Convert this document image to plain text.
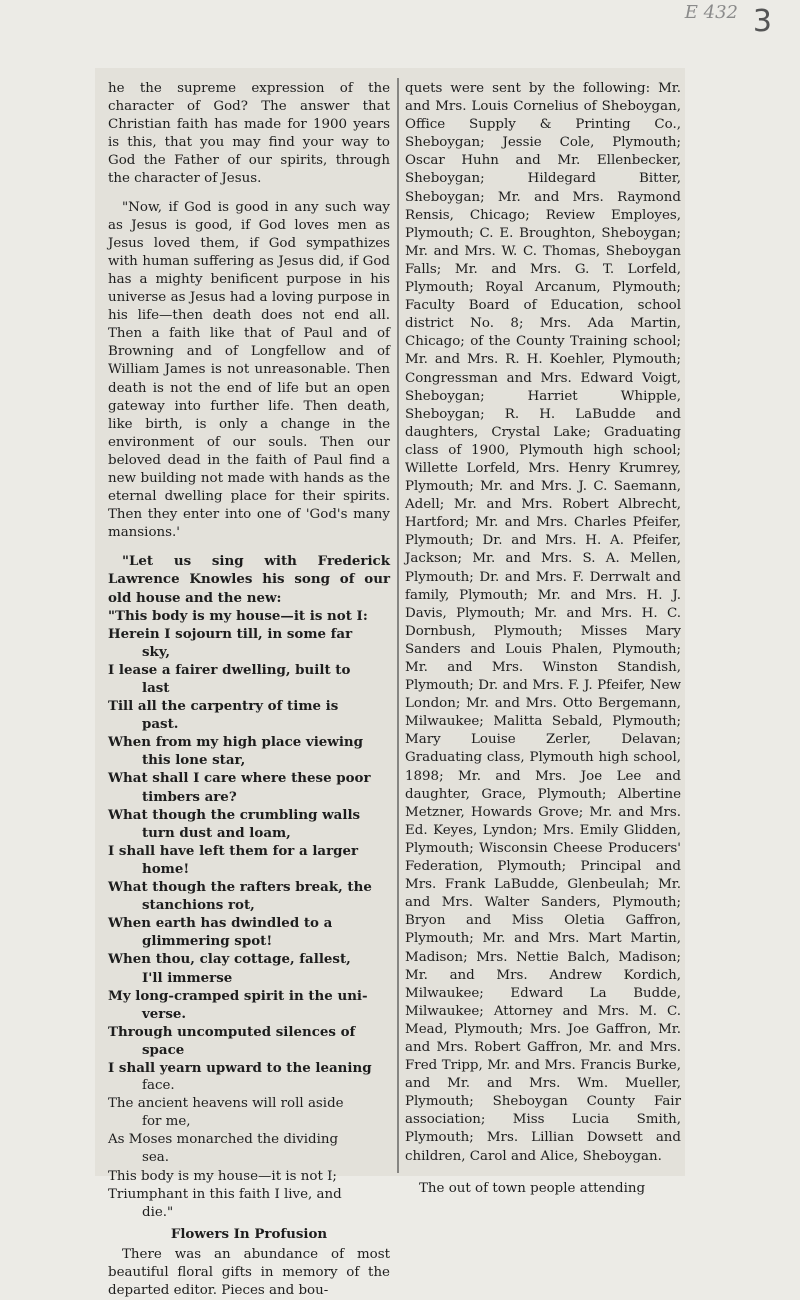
E 432 3

he the supreme expression of the character of God? The answer that Christian faith has made for 1900 years is this, that you may find your way to God the Father of our spirits, through the character of Jesus.

"Now, if God is good in any such way as Jesus is good, if God loves men as Jesus loved them, if God sympathizes with human suffering as Jesus did, if God has a mighty benificent purpose in his universe as Jesus had a loving purpose in his life—then death does not end all. Then a faith like that of Paul and of Browning and of Longfellow and of William James is not unreasonable. Then death is not the end of life but an open gateway into further life. Then death, like birth, is only a change in the environment of our souls. Then our beloved dead in the faith of Paul find a new building not made with hands as the eternal dwelling place for their spirits. Then they enter into one of 'God's many mansions.'

"Let us sing with Frederick Lawrence Knowles his song of our old house and the new:

"This body is my house—it is not I:
Herein I sojourn till, in some far
sky,
I lease a fairer dwelling, built to
last
Till all the carpentry of time is
past.
When from my high place viewing
this lone star,
What shall I care where these poor
timbers are?
What though the crumbling walls
turn dust and loam,
I shall have left them for a larger
home!
What though the rafters break, the
stanchions rot,
When earth has dwindled to a
glimmering spot!
When thou, clay cottage, fallest,
I'll immerse
My long-cramped spirit in the uni-
verse.
Through uncomputed silences of
space
I shall yearn upward to the leaning
face.
The ancient heavens will roll aside
for me,
As Moses monarched the dividing
sea.
This body is my house—it is not I;
Triumphant in this faith I live, and
die."
Flowers In Profusion

There was an abundance of most beautiful floral gifts in memory of the departed editor. Pieces and bou-

quets were sent by the following: Mr. and Mrs. Louis Cornelius of Sheboygan, Office Supply & Printing Co., Sheboygan; Jessie Cole, Plymouth; Oscar Huhn and Mr. Ellenbecker, Sheboygan; Hildegard Bitter, Sheboygan; Mr. and Mrs. Raymond Rensis, Chicago; Review Employes, Plymouth; C. E. Broughton, Sheboygan; Mr. and Mrs. W. C. Thomas, Sheboygan Falls; Mr. and Mrs. G. T. Lorfeld, Plymouth; Royal Arcanum, Plymouth; Faculty Board of Education, school district No. 8; Mrs. Ada Martin, Chicago; of the County Training school; Mr. and Mrs. R. H. Koehler, Plymouth; Congressman and Mrs. Edward Voigt, Sheboygan; Harriet Whipple, Sheboygan; R. H. LaBudde and daughters, Crystal Lake; Graduating class of 1900, Plymouth high school; Willette Lorfeld, Mrs. Henry Krumrey, Plymouth; Mr. and Mrs. J. C. Saemann, Adell; Mr. and Mrs. Robert Albrecht, Hartford; Mr. and Mrs. Charles Pfeifer, Plymouth; Dr. and Mrs. H. A. Pfeifer, Jackson; Mr. and Mrs. S. A. Mellen, Plymouth; Dr. and Mrs. F. Derrwalt and family, Plymouth; Mr. and Mrs. H. J. Davis, Plymouth; Mr. and Mrs. H. C. Dornbush, Plymouth; Misses Mary Sanders and Louis Phalen, Plymouth; Mr. and Mrs. Winston Standish, Plymouth; Dr. and Mrs. F. J. Pfeifer, New London; Mr. and Mrs. Otto Bergemann, Milwaukee; Malitta Sebald, Plymouth; Mary Louise Zerler, Delavan; Graduating class, Plymouth high school, 1898; Mr. and Mrs. Joe Lee and daughter, Grace, Plymouth; Albertine Metzner, Howards Grove; Mr. and Mrs. Ed. Keyes, Lyndon; Mrs. Emily Glidden, Plymouth; Wisconsin Cheese Producers' Federation, Plymouth; Principal and Mrs. Frank LaBudde, Glenbeulah; Mr. and Mrs. Walter Sanders, Plymouth; Bryon and Miss Oletia Gaffron, Plymouth; Mr. and Mrs. Mart Martin, Madison; Mrs. Nettie Balch, Madison; Mr. and Mrs. Andrew Kordich, Milwaukee; Edward La Budde, Milwaukee; Attorney and Mrs. M. C. Mead, Plymouth; Mrs. Joe Gaffron, Mr. and Mrs. Robert Gaffron, Mr. and Mrs. Fred Tripp, Mr. and Mrs. Francis Burke, and Mr. and Mrs. Wm. Mueller, Plymouth; Sheboygan County Fair association; Miss Lucia Smith, Plymouth; Mrs. Lillian Dowsett and children, Carol and Alice, Sheboygan.

The out of town people attending
